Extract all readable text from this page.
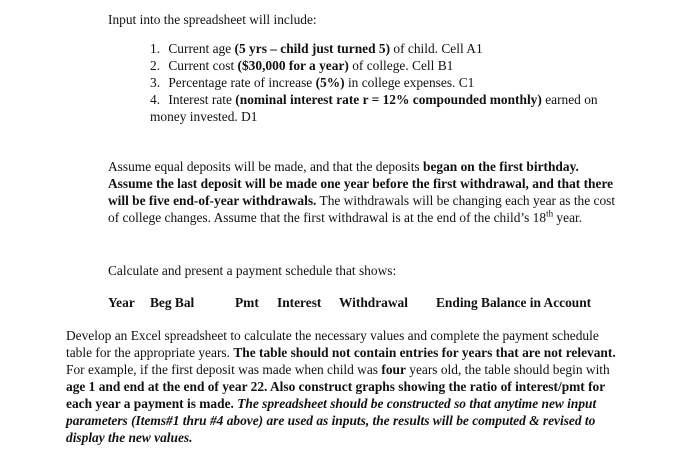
Input into the spreadsheet will include:
1. Current age (5 yrs – child just turned 5) of child. Cell A1
2. Current cost ($30,000 for a year) of college. Cell B1
3. Percentage rate of increase (5%) in college expenses. C1
4. Interest rate (nominal interest rate r = 12% compounded monthly) earned on
money invested. D1
Assume equal deposits will be made, and that the deposits began on the first birthday. Assume the last deposit will be made one year before the first withdrawal, and that there will be five end-of-year withdrawals. The withdrawals will be changing each year as the cost of college changes. Assume that the first withdrawal is at the end of the child’s 18th year.
Calculate and present a payment schedule that shows:
Year Beg Bal	Pmt Interest Withdrawal Ending Balance in Account
Develop an Excel spreadsheet to calculate the necessary values and complete the payment schedule table for the appropriate years. The table should not contain entries for years that are not relevant. For example, if the first deposit was made when child was four years old, the table should begin with age 1 and end at the end of year 22. Also construct graphs showing the ratio of interest/pmt for each year a payment is made. The spreadsheet should be constructed so that anytime new input parameters (Items#1 thru #4 above) are used as inputs, the results will be computed & revised to display the new values.
